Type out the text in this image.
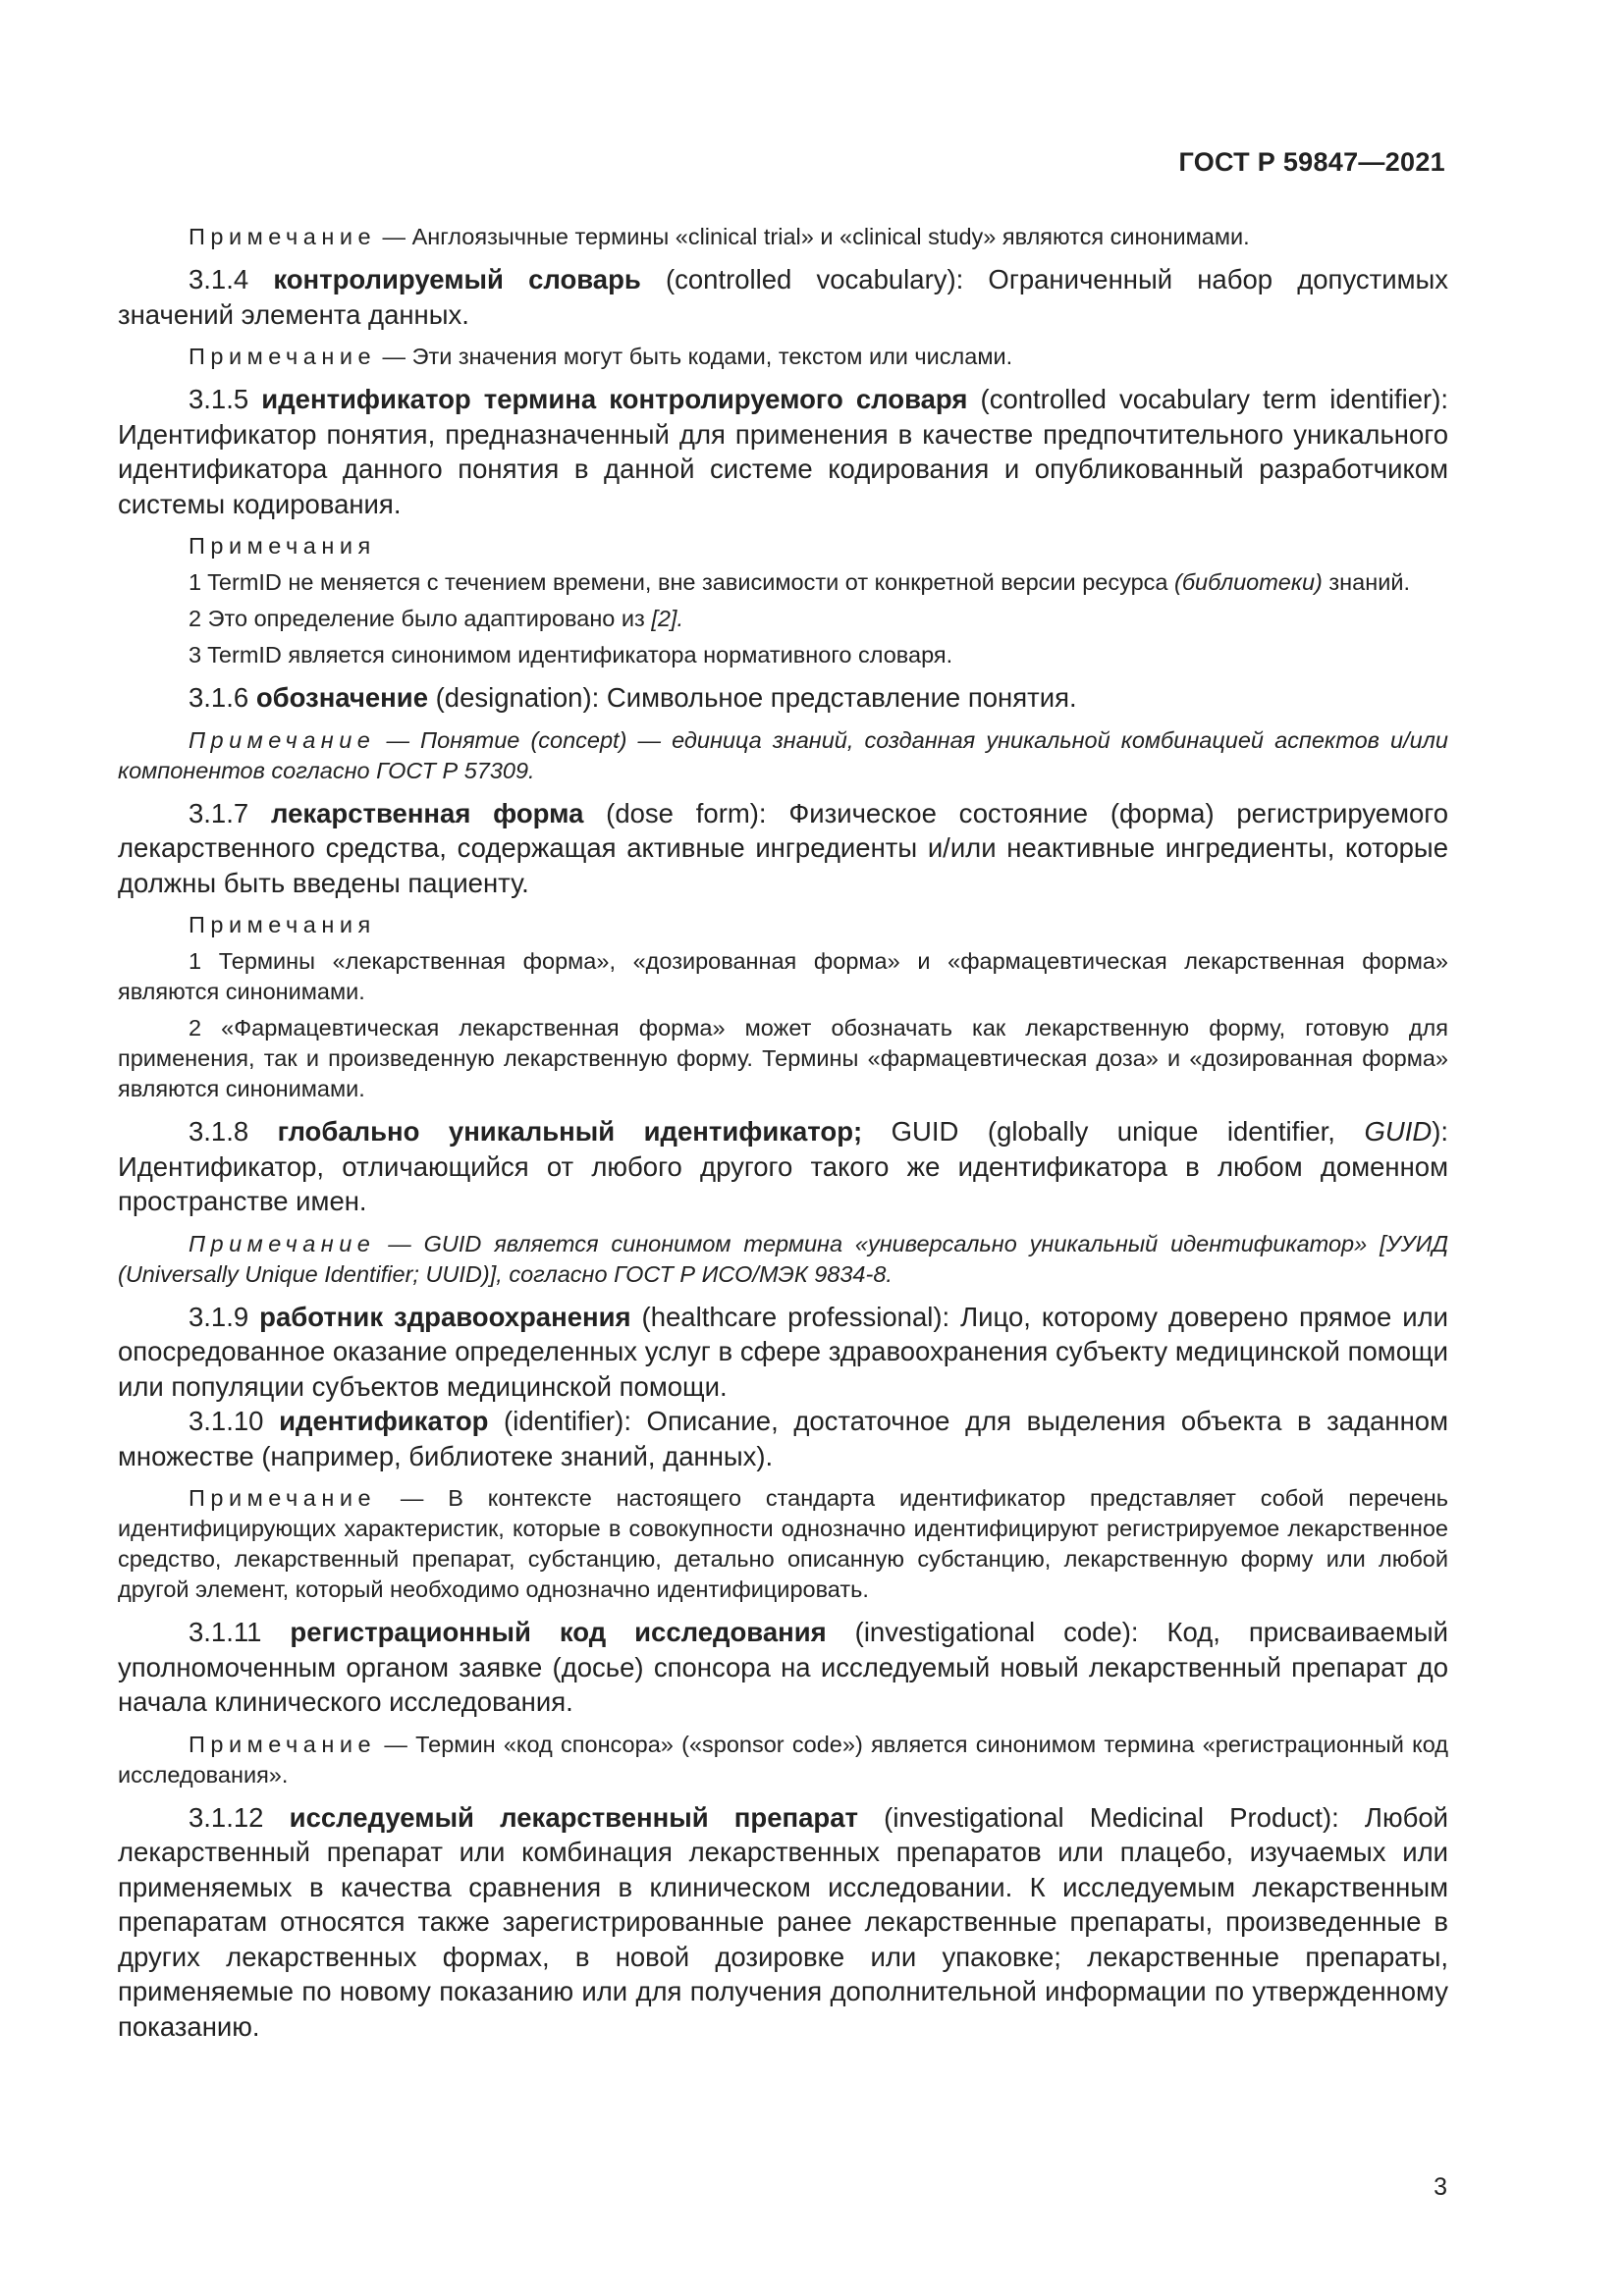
ГОСТ Р 59847—2021

Примечание — Англоязычные термины «clinical trial» и «clinical study» являются синонимами.

3.1.4 контролируемый словарь (controlled vocabulary): Ограниченный набор допустимых значений элемента данных.

Примечание — Эти значения могут быть кодами, текстом или числами.

3.1.5 идентификатор термина контролируемого словаря (controlled vocabulary term identifier): Идентификатор понятия, предназначенный для применения в качестве предпочтительного уникального идентификатора данного понятия в данной системе кодирования и опубликованный разработчиком системы кодирования.

Примечания

1 TermID не меняется с течением времени, вне зависимости от конкретной версии ресурса (библиотеки) знаний.

2 Это определение было адаптировано из [2].

3 TermID является синонимом идентификатора нормативного словаря.

3.1.6 обозначение (designation): Символьное представление понятия.

Примечание — Понятие (concept) — единица знаний, созданная уникальной комбинацией аспектов и/или компонентов согласно ГОСТ Р 57309.

3.1.7 лекарственная форма (dose form): Физическое состояние (форма) регистрируемого лекарственного средства, содержащая активные ингредиенты и/или неактивные ингредиенты, которые должны быть введены пациенту.

Примечания

1 Термины «лекарственная форма», «дозированная форма» и «фармацевтическая лекарственная форма» являются синонимами.

2 «Фармацевтическая лекарственная форма» может обозначать как лекарственную форму, готовую для применения, так и произведенную лекарственную форму. Термины «фармацевтическая доза» и «дозированная форма» являются синонимами.

3.1.8 глобально уникальный идентификатор; GUID (globally unique identifier, GUID): Идентификатор, отличающийся от любого другого такого же идентификатора в любом доменном пространстве имен.

Примечание — GUID является синонимом термина «универсально уникальный идентификатор» [УУИД (Universally Unique Identifier; UUID)], согласно ГОСТ Р ИСО/МЭК 9834-8.

3.1.9 работник здравоохранения (healthcare professional): Лицо, которому доверено прямое или опосредованное оказание определенных услуг в сфере здравоохранения субъекту медицинской помощи или популяции субъектов медицинской помощи.

3.1.10 идентификатор (identifier): Описание, достаточное для выделения объекта в заданном множестве (например, библиотеке знаний, данных).

Примечание — В контексте настоящего стандарта идентификатор представляет собой перечень идентифицирующих характеристик, которые в совокупности однозначно идентифицируют регистрируемое лекарственное средство, лекарственный препарат, субстанцию, детально описанную субстанцию, лекарственную форму или любой другой элемент, который необходимо однозначно идентифицировать.

3.1.11 регистрационный код исследования (investigational code): Код, присваиваемый уполномоченным органом заявке (досье) спонсора на исследуемый новый лекарственный препарат до начала клинического исследования.

Примечание — Термин «код спонсора» («sponsor code») является синонимом термина «регистрационный код исследования».

3.1.12 исследуемый лекарственный препарат (investigational Medicinal Product): Любой лекарственный препарат или комбинация лекарственных препаратов или плацебо, изучаемых или применяемых в качества сравнения в клиническом исследовании. К исследуемым лекарственным препаратам относятся также зарегистрированные ранее лекарственные препараты, произведенные в других лекарственных формах, в новой дозировке или упаковке; лекарственные препараты, применяемые по новому показанию или для получения дополнительной информации по утвержденному показанию.

3
